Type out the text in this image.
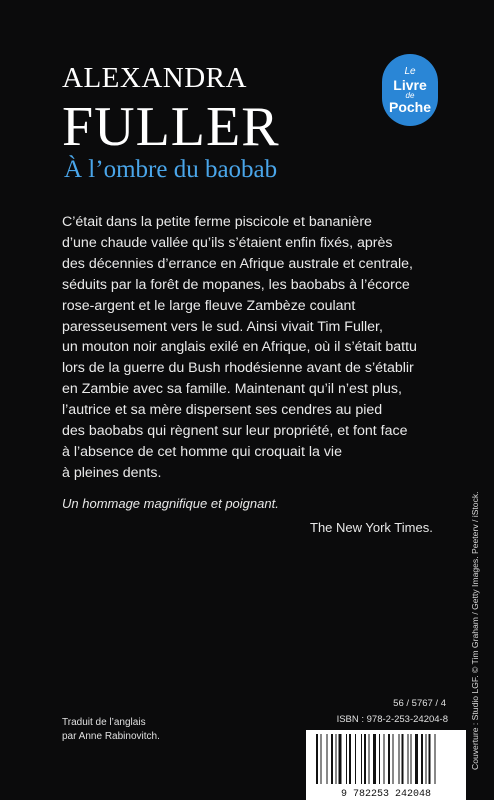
ALEXANDRA
FULLER
Le
Livre
de
Poche
À l’ombre du baobab

C’était dans la petite ferme piscicole et bananière
d’une chaude vallée qu’ils s’étaient enfin fixés, après
des décennies d’errance en Afrique australe et centrale,
séduits par la forêt de mopanes, les baobabs à l’écorce
rose-argent et le large fleuve Zambèze coulant
paresseusement vers le sud. Ainsi vivait Tim Fuller,
un mouton noir anglais exilé en Afrique, où il s’était battu
lors de la guerre du Bush rhodésienne avant de s’établir
en Zambie avec sa famille. Maintenant qu’il n’est plus,
l’autrice et sa mère dispersent ses cendres au pied
des baobabs qui règnent sur leur propriété, et font face
à l’absence de cet homme qui croquait la vie
à pleines dents.

Un hommage magnifique et poignant.
The New York Times.
56 / 5767 / 4
ISBN : 978-2-253-24204-8
Traduit de l’anglais
par Anne Rabinovitch.
9 782253 242048
Couverture : Studio LGF. © Tim Graham / Getty Images. Peeterv / iStock.
